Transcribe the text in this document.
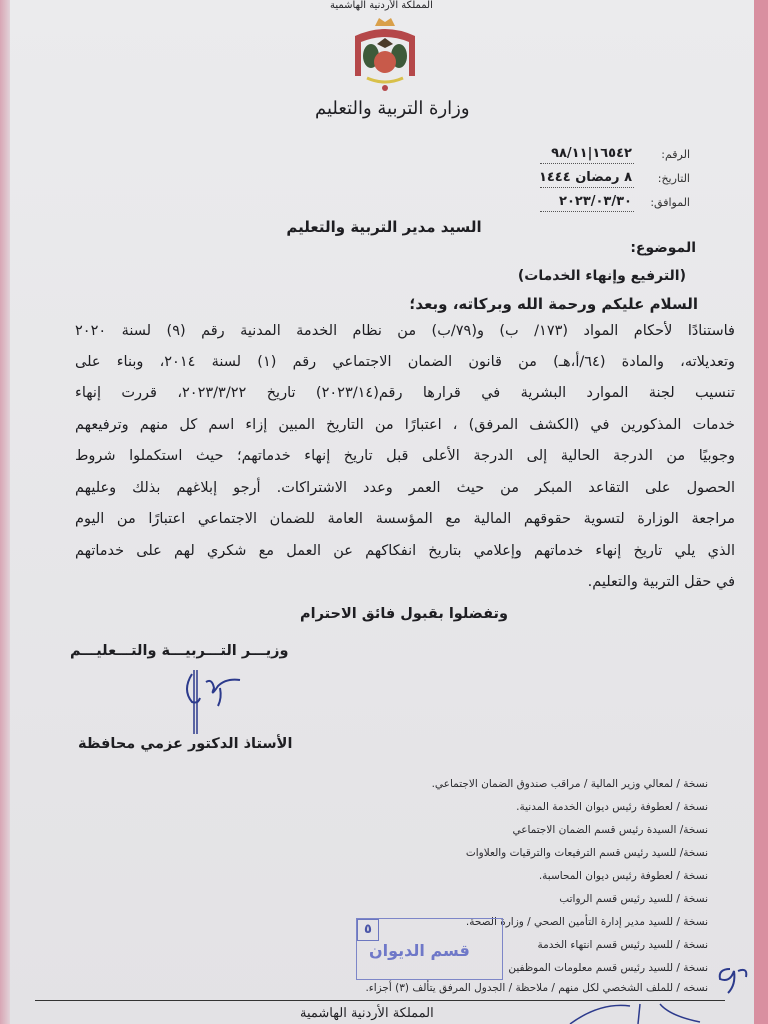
المملكة الأردنية الهاشمية
وزارة التربية والتعليم
الرقم:
١٦٥٤٢|٩٨/١١
التاريخ:
٨ رمضان ١٤٤٤
الموافق:
٢٠٢٣/٠٣/٣٠
السيد مدير التربية والتعليم
الموضوع:
(الترفيع وإنهاء الخدمات)
السلام عليكم ورحمة الله وبركاته، وبعد؛
فاستنادًا لأحكام المواد (١٧٣/ ب) و(٧٩/ب) من نظام الخدمة المدنية رقم (٩) لسنة ٢٠٢٠
وتعديلاته، والمادة (٦٤/أ،هـ) من قانون الضمان الاجتماعي رقم (١) لسنة ٢٠١٤، وبناء على
تنسيب لجنة الموارد البشرية في قرارها رقم(٢٠٢٣/١٤) تاريخ ٢٠٢٣/٣/٢٢، قررت إنهاء
خدمات المذكورين في (الكشف المرفق) ، اعتبارًا من التاريخ المبين إزاء اسم كل منهم وترفيعهم
وجوبيًا من الدرجة الحالية إلى الدرجة الأعلى قبل تاريخ إنهاء خدماتهم؛ حيث استكملوا شروط
الحصول على التقاعد المبكر من حيث العمر وعدد الاشتراكات. أرجو إبلاغهم بذلك وعليهم
مراجعة الوزارة لتسوية حقوقهم المالية مع المؤسسة العامة للضمان الاجتماعي اعتبارًا من اليوم
الذي يلي تاريخ إنهاء خدماتهم وإعلامي بتاريخ انفكاكهم عن العمل مع شكري لهم على خدماتهم
في حقل التربية والتعليم.
وتفضلوا بقبول فائق الاحترام
وزيـــر التـــربيـــة والتـــعليـــم
الأستاذ الدكتور عزمي محافظة
نسخة / لمعالي وزير المالية / مراقب صندوق الضمان الاجتماعي.
نسخة / لعطوفة رئيس ديوان الخدمة المدنية.
نسخة/ السيدة رئيس قسم الضمان الاجتماعي
نسخة/ للسيد رئيس قسم الترفيعات والترقيات والعلاوات
نسخة / لعطوفة رئيس ديوان المحاسبة.
نسخة / للسيد رئيس قسم الرواتب
نسخة / للسيد مدير إدارة التأمين الصحي / وزارة الصحة.
نسخة / للسيد رئيس قسم انتهاء الخدمة
نسخة / للسيد رئيس قسم معلومات الموظفين
نسخه / للملف الشخصي لكل منهم / ملاحظة / الجدول المرفق يتألف (٣) أجزاء.
٥
قسم الديوان
المملكة الأردنية الهاشمية
